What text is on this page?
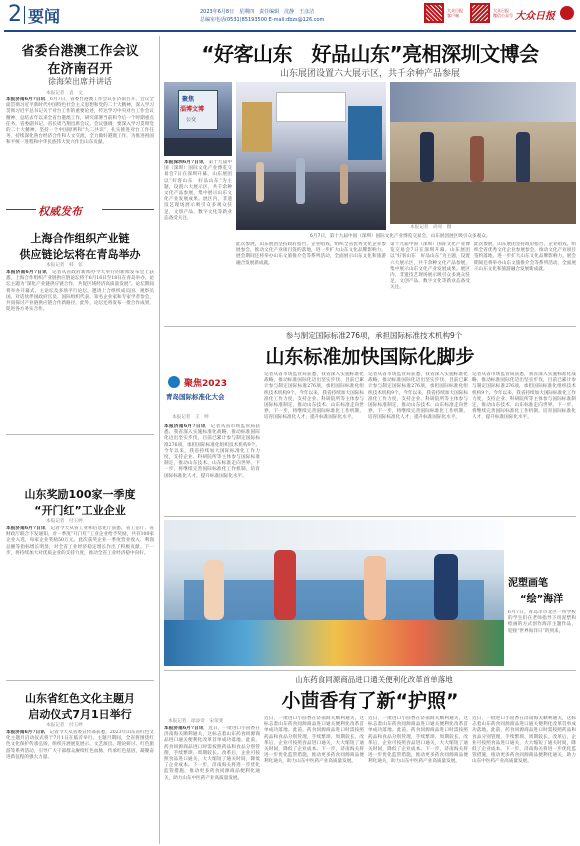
2 要闻	2023年6月8日　星期四　责任编辑　沈静　王彦洁
总编室电话(0531)85193500 E-mail:dbzs@126.com
大众日报
客户端
大众日报
微信公众号 大众日报
省委台港澳工作会议
在济南召开
徐海荣出席并讲话
本报记者　袁　文
本报济南6月7日讯　 6月7日，省委台港澳工作会议在济南召开。会议全面贯彻习近平新时代中国特色社会主义思想和党的二十大精神，深入学习贯彻习近平总书记关于对台工作的重要论述，传达学习中央对台工作会议精神，总结去年以来全省台港澳工作，研究部署当前和今后一个时期重点任务。省委副书记、省长周乃翔出席会议。会议强调，要深入学习贯彻党的二十大精神，坚持一个中国原则和“九二共识”，扎实推进对台工作任务，持续深化鲁台经济合作和人文交流，全力做好港澳工作，为推进祖国和平统一进程和中华民族伟大复兴作出山东贡献。
权威发布
上海合作组织产业链
供应链论坛将在青岛举办
本报记者　韩　菲
本报济南6月7日讯　 记者从省政府新闻办今天举行的新闻发布会上获悉，上海合作组织产业链供应链论坛将于6月16日至18日在青岛举办。论坛主题为“深化产业链供应链合作，共促区域经济高质量发展”。论坛期间将举办开幕式、主论坛及多场平行论坛，邀请上合组织成员国、观察员国、对话伙伴国政府官员、国际组织代表、知名企业家和专家学者参会，共同探讨产业链供应链合作新路径。此外，论坛还将发布一批合作成果，促进各方务实合作。
山东奖励100家一季度
“开门红”工业企业
本报记者　付玉婷
本报济南6月7日讯　 记者今天从省工业和信息化厅获悉，省工信厅、省财政厅联合下发通知，对一季度“开门红”工业企业给予奖励，共有100家企业入选，每家企业奖励50万元。此次获奖企业一季度营业收入、利润总额等指标增长明显，对全省工业经济稳定增长作出了积极贡献。下一步，将持续加大对优质企业的支持力度，推动全省工业经济稳中向好。
山东省红色文化主题月
启动仪式7月1日举行
本报记者　付玉婷
本报济南6月7日讯　 记者今天从省委宣传部获悉，2023年山东省红色文化主题月启动仪式将于7月1日在临沂举行。主题月期间，全省将围绕红色文化保护传承弘扬，组织开展展览展示、文艺演出、理论研讨、红色旅游等系列活动，引导广大干部群众赓续红色血脉，传承红色基因，凝聚奋进新征程的强大力量。
“好客山东　好品山东”亮相深圳文博会
山东展团设置六大展示区，共千余种产品参展
聚焦
淄博文博
公交
本报深圳6月7日讯　 第十九届中国（深圳）国际文化产业博览交易会7日在深圳开幕。山东展团以“好客山东　好品山东”为主题，设置六大展示区，共千余种文化产品参展，集中展示山东文化产业发展成果。展区内，非遗技艺现场展示吸引众多观众驻足，文创产品、数字文化等新业态备受关注。
6月7日，第十九届中国（深圳）国际文化产业博览交易会，山东展团展区吸引众多观众。
本报记者　尚亮　摄
此次参展，山东展团坚持政府搭台、企业唱戏，组织全省优秀文化企业参展参会，推动文化产业项目签约落地，进一步扩大山东文化品牌影响力。展会期间还将举办山东文旅推介会等系列活动，全面展示山东文化和旅游融合发展新成就。
第十九届中国（深圳）国际文化产业博览交易会7日在深圳开幕。山东展团以“好客山东　好品山东”为主题，设置六大展示区，共千余种文化产品参展，集中展示山东文化产业发展成果。展区内，非遗技艺现场展示吸引众多观众驻足，文创产品、数字文化等新业态备受关注。
此次参展，山东展团坚持政府搭台、企业唱戏，组织全省优秀文化企业参展参会，推动文化产业项目签约落地，进一步扩大山东文化品牌影响力。展会期间还将举办山东文旅推介会等系列活动，全面展示山东文化和旅游融合发展新成就。
参与制定国际标准276项，承担国际标准技术机构9个
山东标准加快国际化脚步
聚焦2023
青岛国际标准化大会
本报记者　王　婷
本报济南6月7日讯　 记者从省市场监管局获悉，我省深入实施标准化战略，推动标准国际化迈出坚实步伐，目前已累计参与制定国际标准276项，承担国际标准化组织技术机构9个。今年以来，我省持续加大国际标准化工作力度，支持企业、科研院所等主体参与国际标准制定，推动山东技术、山东标准走向世界。下一步，将继续完善国际标准化工作机制，培育国际标准化人才，提升标准国际化水平。
记者从省市场监管局获悉，我省深入实施标准化战略，推动标准国际化迈出坚实步伐，目前已累计参与制定国际标准276项，承担国际标准化组织技术机构9个。今年以来，我省持续加大国际标准化工作力度，支持企业、科研院所等主体参与国际标准制定，推动山东技术、山东标准走向世界。下一步，将继续完善国际标准化工作机制，培育国际标准化人才，提升标准国际化水平。
记者从省市场监管局获悉，我省深入实施标准化战略，推动标准国际化迈出坚实步伐，目前已累计参与制定国际标准276项，承担国际标准化组织技术机构9个。今年以来，我省持续加大国际标准化工作力度，支持企业、科研院所等主体参与国际标准制定，推动山东技术、山东标准走向世界。下一步，将继续完善国际标准化工作机制，培育国际标准化人才，提升标准国际化水平。
记者从省市场监管局获悉，我省深入实施标准化战略，推动标准国际化迈出坚实步伐，目前已累计参与制定国际标准276项，承担国际标准化组织技术机构9个。今年以来，我省持续加大国际标准化工作力度，支持企业、科研院所等主体参与国际标准制定，推动山东技术、山东标准走向世界。下一步，将继续完善国际标准化工作机制，培育国际标准化人才，提升标准国际化水平。
泥塑画笔
“绘”海洋
6月7日，青岛市市北区一所学校的学生们在老师指导下用泥塑和绘画的方式创作海洋主题作品，迎接“世界海洋日”的到来。
山东药食同源商品进口通关便利化改革首单落地
小茴香有了新“护照”
本报记者　徐添奇　宋荣斐
本报济南6月7日讯　 近日，一批进口小茴香在济南海关顺利通关，这标志着山东药食同源商品进口通关便利化改革首单成功落地。此前，药食同源商品进口时需按照药品和食品分别管理，手续繁琐、周期较长。改革后，企业可按照食品进口通关，大大缩短了通关时间，降低了企业成本。下一步，济南海关将进一步优化监管措施，推动更多药食同源商品便利化通关，助力山东中医药产业高质量发展。
近日，一批进口小茴香在济南海关顺利通关，这标志着山东药食同源商品进口通关便利化改革首单成功落地。此前，药食同源商品进口时需按照药品和食品分别管理，手续繁琐、周期较长。改革后，企业可按照食品进口通关，大大缩短了通关时间，降低了企业成本。下一步，济南海关将进一步优化监管措施，推动更多药食同源商品便利化通关，助力山东中医药产业高质量发展。
近日，一批进口小茴香在济南海关顺利通关，这标志着山东药食同源商品进口通关便利化改革首单成功落地。此前，药食同源商品进口时需按照药品和食品分别管理，手续繁琐、周期较长。改革后，企业可按照食品进口通关，大大缩短了通关时间，降低了企业成本。下一步，济南海关将进一步优化监管措施，推动更多药食同源商品便利化通关，助力山东中医药产业高质量发展。
近日，一批进口小茴香在济南海关顺利通关，这标志着山东药食同源商品进口通关便利化改革首单成功落地。此前，药食同源商品进口时需按照药品和食品分别管理，手续繁琐、周期较长。改革后，企业可按照食品进口通关，大大缩短了通关时间，降低了企业成本。下一步，济南海关将进一步优化监管措施，推动更多药食同源商品便利化通关，助力山东中医药产业高质量发展。
